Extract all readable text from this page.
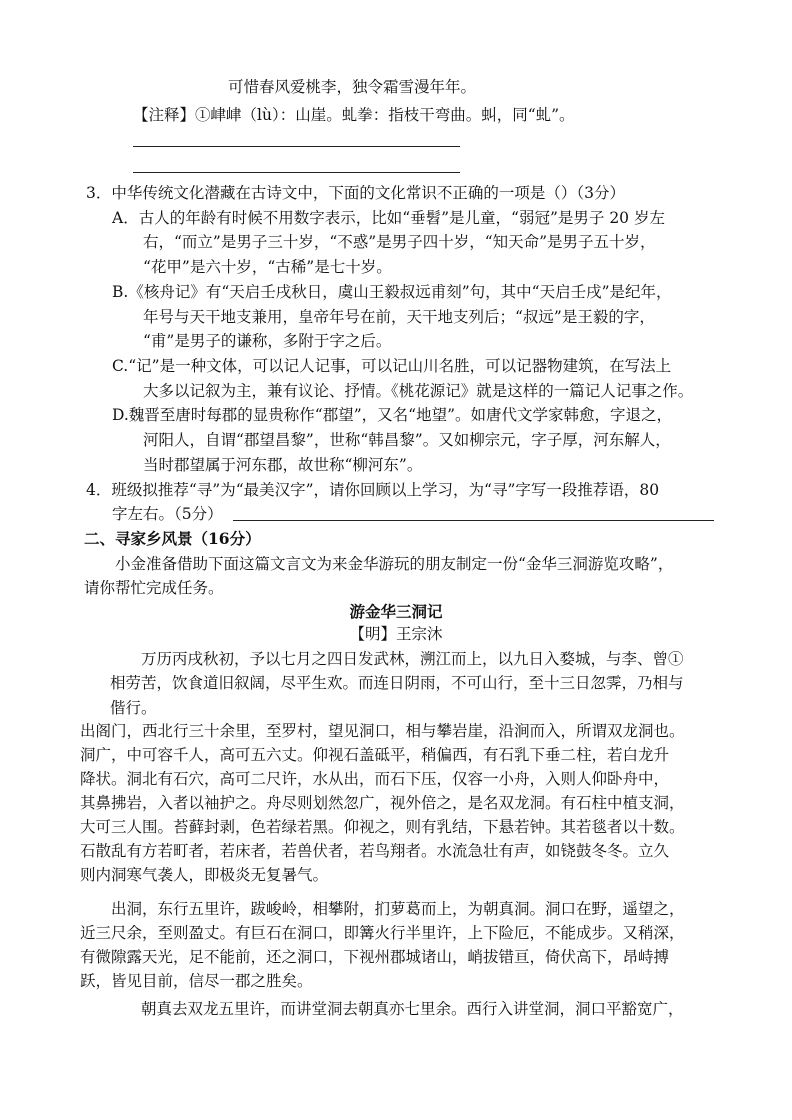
可惜春风爱桃李，独令霜雪漫年年。
【注释】①峍峍（lù）：山崖。虬拳：指枝干弯曲。虯，同“虬”。
3．中华传统文化潜藏在古诗文中，下面的文化常识不正确的一项是（）（3分）
A．古人的年龄有时候不用数字表示，比如“垂髫”是儿童，“弱冠”是男子 20 岁左
右，“而立”是男子三十岁，“不惑”是男子四十岁，“知天命”是男子五十岁，
“花甲”是六十岁，“古稀”是七十岁。
B.《核舟记》有“天启壬戌秋日，虞山王毅叔远甫刻”句，其中“天启壬戌”是纪年，
年号与天干地支兼用，皇帝年号在前，天干地支列后；“叔远”是王毅的字，
“甫”是男子的谦称，多附于字之后。
C.“记”是一种文体，可以记人记事，可以记山川名胜，可以记器物建筑，在写法上
大多以记叙为主，兼有议论、抒情。《桃花源记》就是这样的一篇记人记事之作。
D.魏晋至唐时每郡的显贵称作“郡望”，又名“地望”。如唐代文学家韩愈，字退之，
河阳人，自谓“郡望昌黎”，世称“韩昌黎”。又如柳宗元，字子厚，河东解人，
当时郡望属于河东郡，故世称“柳河东”。
4．班级拟推荐“寻”为“最美汉字”，请你回顾以上学习，为“寻”字写一段推荐语，80
字左右。（5分）
二、寻家乡风景（16分）
小金准备借助下面这篇文言文为来金华游玩的朋友制定一份“金华三洞游览攻略”，
请你帮忙完成任务。
游金华三洞记
【明】王宗沐
万历丙戌秋初，予以七月之四日发武林，溯江而上，以九日入婺城，与李、曾①
相劳苦，饮食道旧叙阔，尽平生欢。而连日阴雨，不可山行，至十三日忽霁，乃相与
偕行。
出阁门，西北行三十余里，至罗村，望见洞口，相与攀岩崖，沿涧而入，所谓双龙洞也。
洞广，中可容千人，高可五六丈。仰视石盖砥平，稍偏西，有石乳下垂二柱，若白龙升
降状。洞北有石穴，高可二尺许，水从出，而石下压，仅容一小舟，入则人仰卧舟中，
其鼻拂岩，入者以袖护之。舟尽则划然忽广，视外倍之，是名双龙洞。有石柱中植支洞，
大可三人围。苔藓封剥，色若绿若黑。仰视之，则有乳结，下悬若钟。其若毯者以十数。
石散乱有方若町者，若床者，若兽伏者，若鸟翔者。水流急壮有声，如铙鼓冬冬。立久
则内洞寒气袭人，即极炎无复暑气。
出洞，东行五里许，跋峻岭，相攀附，扪萝葛而上，为朝真洞。洞口在野，遥望之，
近三尺余，至则盈丈。有巨石在洞口，即篝火行半里许，上下险厄，不能成步。又稍深，
有微隙露天光，足不能前，还之洞口，下视州郡城诸山，峭拔错亘，倚伏高下，昂峙搏
跃，皆见目前，信尽一郡之胜矣。
朝真去双龙五里许，而讲堂洞去朝真亦七里余。西行入讲堂洞，洞口平豁宽广，
